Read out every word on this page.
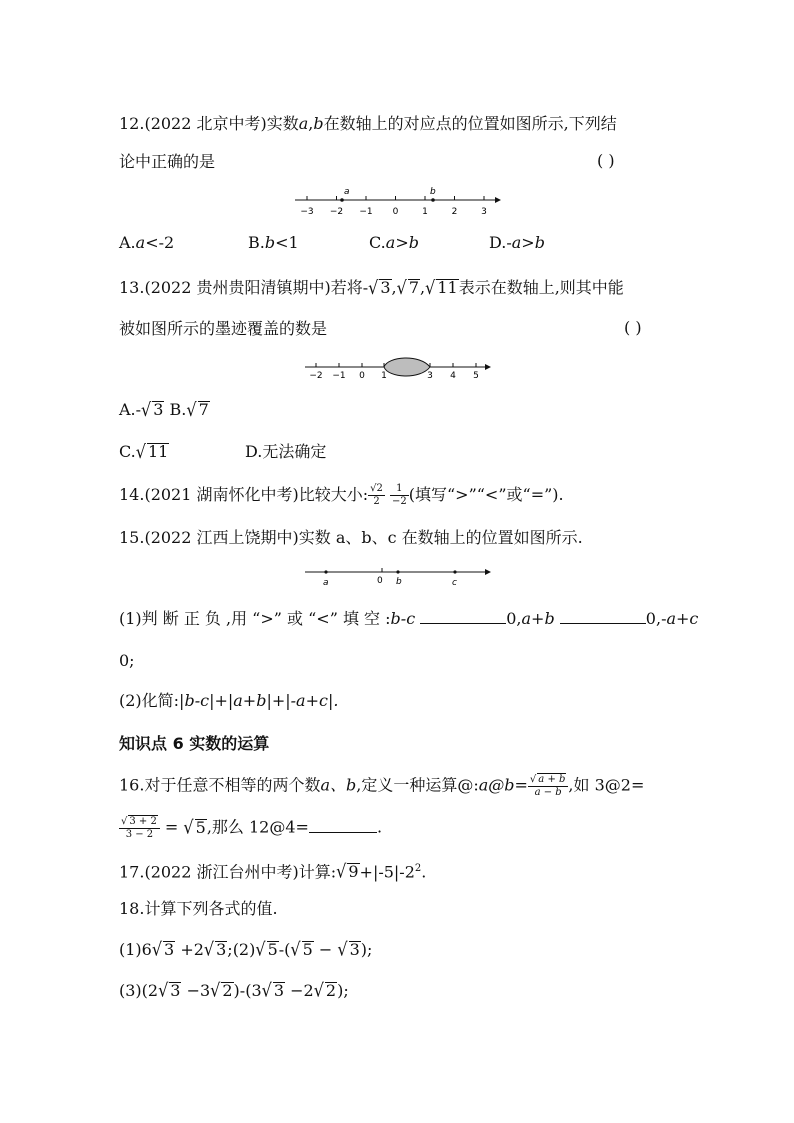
12.(2022 北京中考)实数a,b在数轴上的对应点的位置如图所示,下列结
论中正确的是	( )
−3 −2 −1 0	1	2	3
a	b
A.a<-2	B.b<1	C.a>b	D.-a>b
13.(2022 贵州贵阳清镇期中)若将-√ 3,√ 7,√ 11表示在数轴上,则其中能
被如图所示的墨迹覆盖的数是	( )
−2 −1 0 1	3 4 5
A.-√ 3 B.√ 7
C.√ 11	D.无法确定
14.(2021 湖南怀化中考)比较大小: $\frac{√2}{2}$
$\frac{1}{-2}$ (填写“>”“<”或“=”).
15.(2022 江西上饶期中)实数 a、b、c 在数轴上的位置如图所示.
a	0 b	c
(1)判 断 正 负 ,用 “>” 或 “<” 填 空 :b-c	0,a+b	0,-a+c
0;
(2)化简:|b-c|+|a+b|+|-a+c|.
知识点 6 实数的运算
16.对于任意不相等的两个数a、b,定义一种运算@:a@b= $\frac{√ a + b}{a - b}$ ,如 3@2=
$\frac{√ 3 + 2}{3 - 2}$ = √ 5,那么 12@4=	.
17.(2022 浙江台州中考)计算:√ $9+|-5|-2^2$.
18.计算下列各式的值.
(1)6√ 3 +2√ 3;(2)√ 5-(√ 5 − √ 3);
(3)(2√ 3 −3√ 2)-(3√ 3 −2√ 2);
